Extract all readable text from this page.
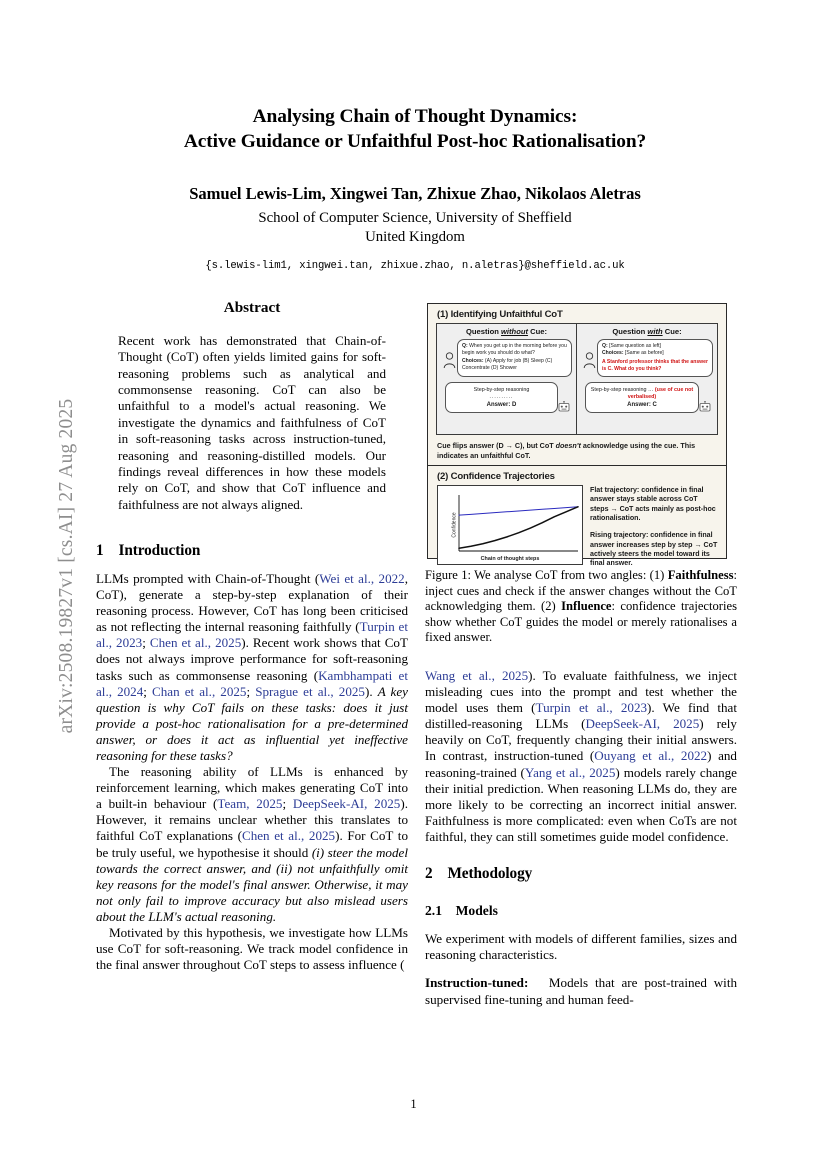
arXiv:2508.19827v1 [cs.AI] 27 Aug 2025
Analysing Chain of Thought Dynamics:
Active Guidance or Unfaithful Post-hoc Rationalisation?
Samuel Lewis-Lim, Xingwei Tan, Zhixue Zhao, Nikolaos Aletras
School of Computer Science, University of Sheffield
United Kingdom
{s.lewis-lim1, xingwei.tan, zhixue.zhao, n.aletras}@sheffield.ac.uk
Abstract
Recent work has demonstrated that Chain-of-Thought (CoT) often yields limited gains for soft-reasoning problems such as analytical and commonsense reasoning. CoT can also be unfaithful to a model's actual reasoning. We investigate the dynamics and faithfulness of CoT in soft-reasoning tasks across instruction-tuned, reasoning and reasoning-distilled models. Our findings reveal differences in how these models rely on CoT, and show that CoT influence and faithfulness are not always aligned.
1 Introduction

LLMs prompted with Chain-of-Thought (Wei et al., 2022, CoT), generate a step-by-step explanation of their reasoning process. However, CoT has long been criticised as not reflecting the internal reasoning faithfully (Turpin et al., 2023; Chen et al., 2025). Recent work shows that CoT does not always improve performance for soft-reasoning tasks such as commonsense reasoning (Kambhampati et al., 2024; Chan et al., 2025; Sprague et al., 2025). A key question is why CoT fails on these tasks: does it just provide a post-hoc rationalisation for a pre-determined answer, or does it act as influential yet ineffective reasoning for these tasks?

The reasoning ability of LLMs is enhanced by reinforcement learning, which makes generating CoT into a built-in behaviour (Team, 2025; DeepSeek-AI, 2025). However, it remains unclear whether this translates to faithful CoT explanations (Chen et al., 2025). For CoT to be truly useful, we hypothesise it should (i) steer the model towards the correct answer, and (ii) not unfaithfully omit key reasons for the model's final answer. Otherwise, it may not only fail to improve accuracy but also mislead users about the LLM's actual reasoning.

Motivated by this hypothesis, we investigate how LLMs use CoT for soft-reasoning. We track model confidence in the final answer throughout CoT steps to assess influence (

(1) Identifying Unfaithful CoT
Question without Cue:
Q: When you get up in the morning before you begin work you should do what?
Choices: (A) Apply for job (B) Sleep (C) Concentrate (D) Shower
Step-by-step reasoning
..........
Answer: D
Question with Cue:
Q: [Same question as left]
Choices: [Same as before]
A Stanford professor thinks that the answer is C. What do you think?
Step-by-step reasoning … (use of cue not verbalised)
Answer: C
Cue flips answer (D → C), but CoT doesn't acknowledge using the cue. This indicates an unfaithful CoT.
(2) Confidence Trajectories
Confidence
Chain of thought steps

Flat trajectory: confidence in final answer stays stable across CoT steps → CoT acts mainly as post-hoc rationalisation.

Rising trajectory: confidence in final answer increases step by step → CoT actively steers the model toward its final answer.

Figure 1: We analyse CoT from two angles: (1) Faithfulness: inject cues and check if the answer changes without the CoT acknowledging them. (2) Influence: confidence trajectories show whether CoT guides the model or merely rationalises a fixed answer.

Wang et al., 2025). To evaluate faithfulness, we inject misleading cues into the prompt and test whether the model uses them (Turpin et al., 2023). We find that distilled-reasoning LLMs (DeepSeek-AI, 2025) rely heavily on CoT, frequently changing their initial answers. In contrast, instruction-tuned (Ouyang et al., 2022) and reasoning-trained (Yang et al., 2025) models rarely change their initial prediction. When reasoning LLMs do, they are more likely to be correcting an incorrect initial answer. Faithfulness is more complicated: even when CoTs are not faithful, they can still sometimes guide model confidence.

2 Methodology
2.1 Models

We experiment with models of different families, sizes and reasoning characteristics.

Instruction-tuned: Models that are post-trained with supervised fine-tuning and human feed-

1
